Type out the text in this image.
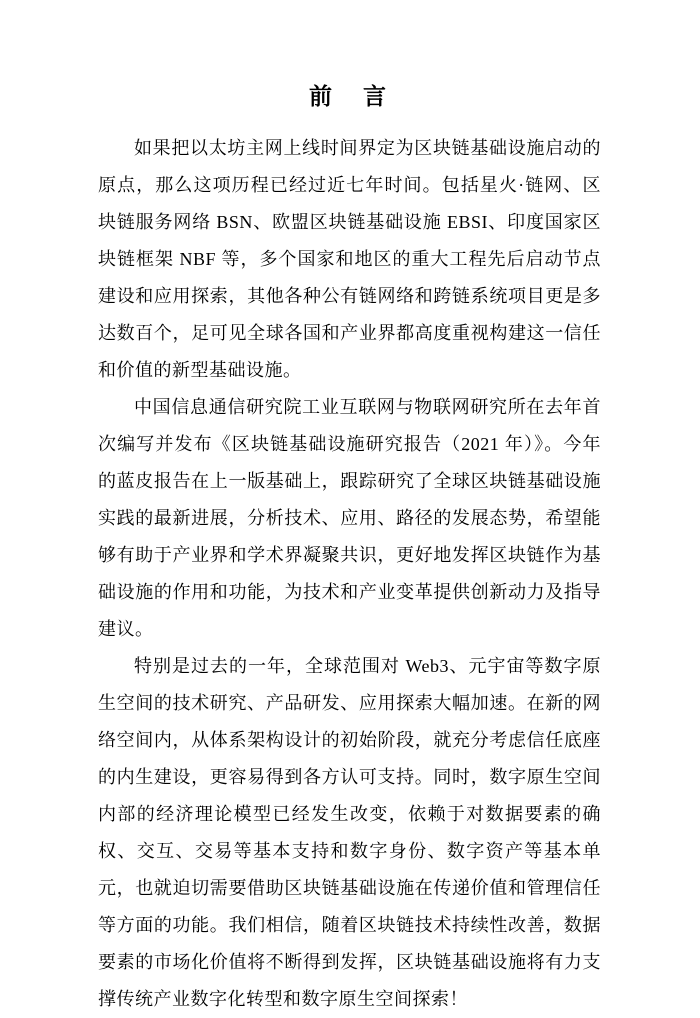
前　言

如果把以太坊主网上线时间界定为区块链基础设施启动的原点，那么这项历程已经过近七年时间。包括星火·链网、区块链服务网络 BSN、欧盟区块链基础设施 EBSI、印度国家区块链框架 NBF 等，多个国家和地区的重大工程先后启动节点建设和应用探索，其他各种公有链网络和跨链系统项目更是多达数百个，足可见全球各国和产业界都高度重视构建这一信任和价值的新型基础设施。

中国信息通信研究院工业互联网与物联网研究所在去年首次编写并发布《区块链基础设施研究报告（2021 年）》。今年的蓝皮报告在上一版基础上，跟踪研究了全球区块链基础设施实践的最新进展，分析技术、应用、路径的发展态势，希望能够有助于产业界和学术界凝聚共识，更好地发挥区块链作为基础设施的作用和功能，为技术和产业变革提供创新动力及指导建议。

特别是过去的一年，全球范围对 Web3、元宇宙等数字原生空间的技术研究、产品研发、应用探索大幅加速。在新的网络空间内，从体系架构设计的初始阶段，就充分考虑信任底座的内生建设，更容易得到各方认可支持。同时，数字原生空间内部的经济理论模型已经发生改变，依赖于对数据要素的确权、交互、交易等基本支持和数字身份、数字资产等基本单元，也就迫切需要借助区块链基础设施在传递价值和管理信任等方面的功能。我们相信，随着区块链技术持续性改善，数据要素的市场化价值将不断得到发挥，区块链基础设施将有力支撑传统产业数字化转型和数字原生空间探索！
